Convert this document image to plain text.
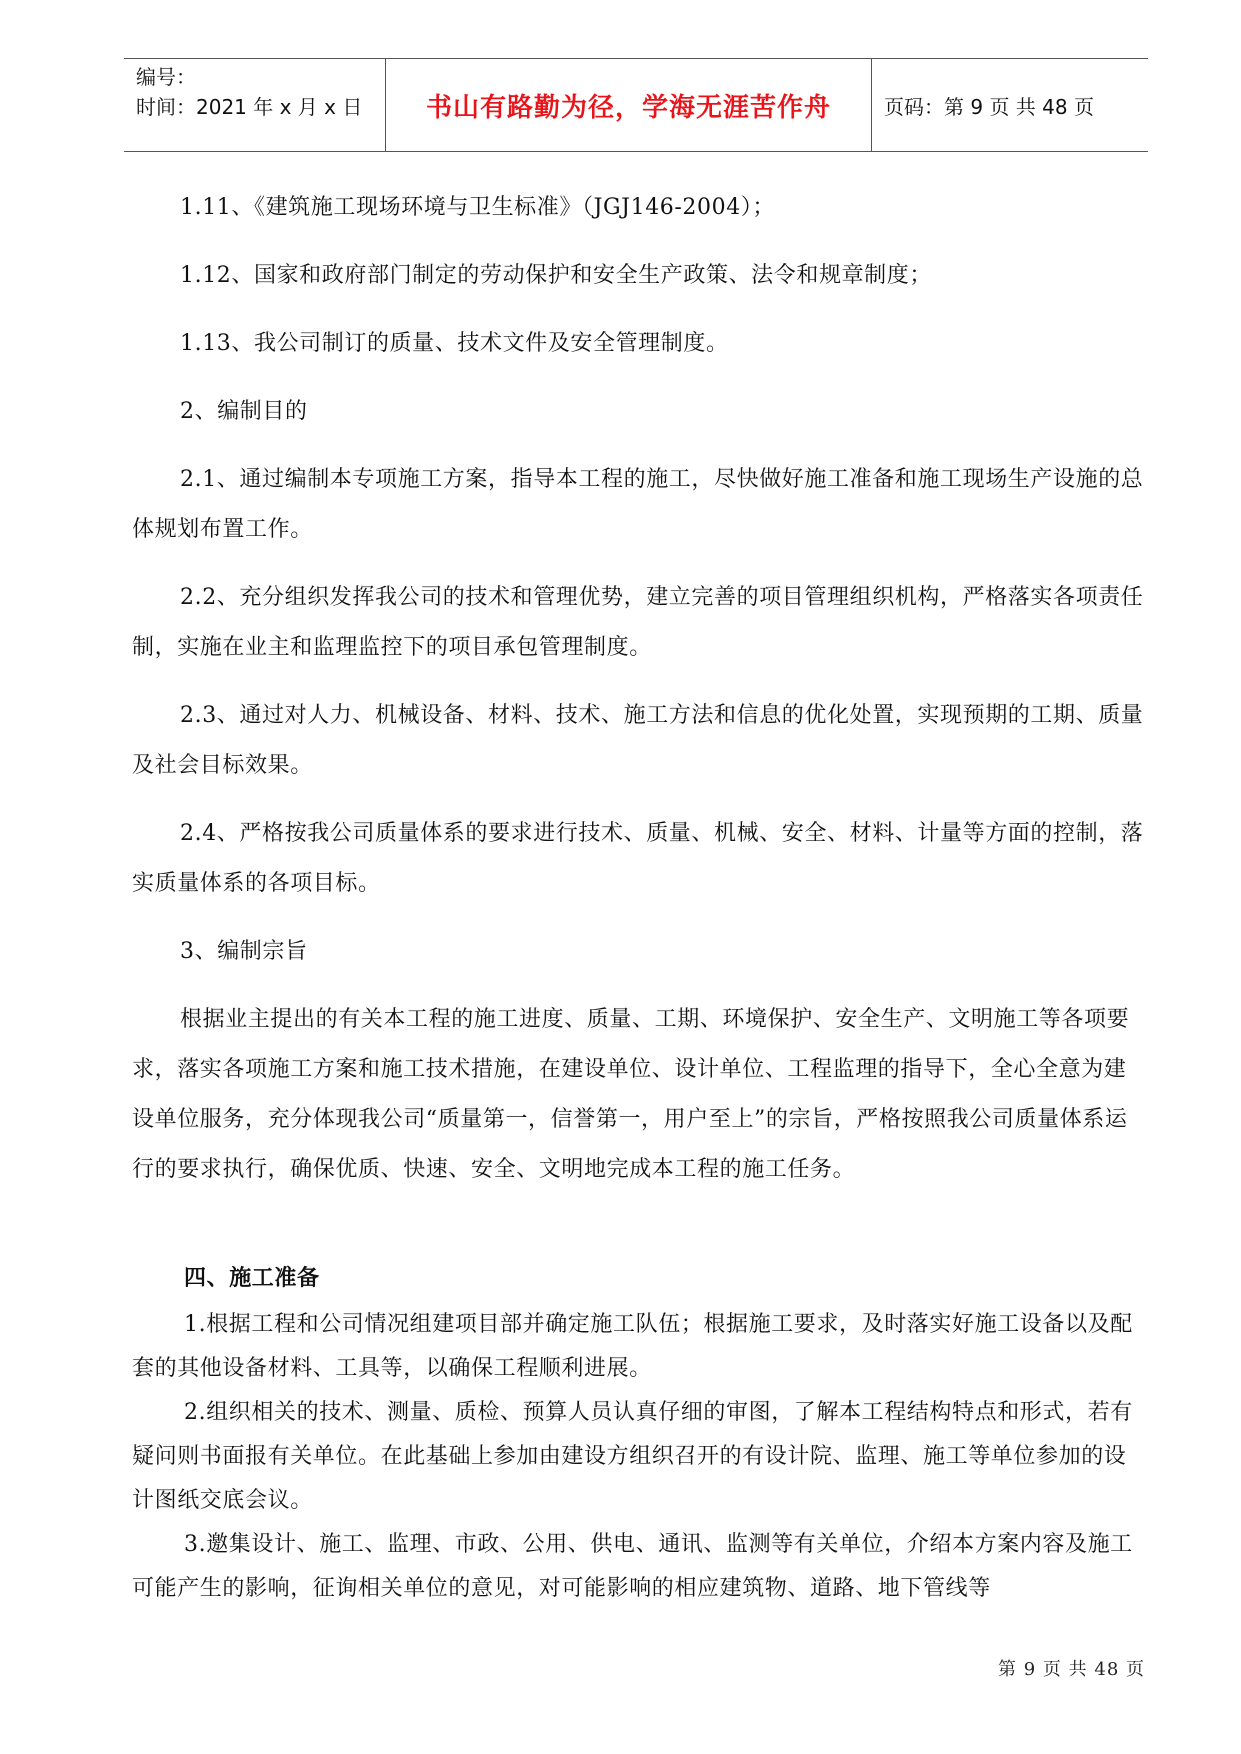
编号：
时间：2021 年 x 月 x 日	书山有路勤为径，学海无涯苦作舟	页码：第 9 页 共 48 页

1.11、《建筑施工现场环境与卫生标准》（JGJ146-2004）；

1.12、国家和政府部门制定的劳动保护和安全生产政策、法令和规章制度；

1.13、我公司制订的质量、技术文件及安全管理制度。

2、编制目的

2.1、通过编制本专项施工方案，指导本工程的施工，尽快做好施工准备和施工现场生产设施的总体规划布置工作。

2.2、充分组织发挥我公司的技术和管理优势，建立完善的项目管理组织机构，严格落实各项责任制，实施在业主和监理监控下的项目承包管理制度。

2.3、通过对人力、机械设备、材料、技术、施工方法和信息的优化处置，实现预期的工期、质量及社会目标效果。

2.4、严格按我公司质量体系的要求进行技术、质量、机械、安全、材料、计量等方面的控制，落实质量体系的各项目标。

3、编制宗旨

根据业主提出的有关本工程的施工进度、质量、工期、环境保护、安全生产、文明施工等各项要求，落实各项施工方案和施工技术措施，在建设单位、设计单位、工程监理的指导下，全心全意为建设单位服务，充分体现我公司“质量第一，信誉第一，用户至上”的宗旨，严格按照我公司质量体系运行的要求执行，确保优质、快速、安全、文明地完成本工程的施工任务。

四、施工准备

1.根据工程和公司情况组建项目部并确定施工队伍；根据施工要求，及时落实好施工设备以及配套的其他设备材料、工具等，以确保工程顺利进展。

2.组织相关的技术、测量、质检、预算人员认真仔细的审图，了解本工程结构特点和形式，若有疑问则书面报有关单位。在此基础上参加由建设方组织召开的有设计院、监理、施工等单位参加的设计图纸交底会议。

3.邀集设计、施工、监理、市政、公用、供电、通讯、监测等有关单位，介绍本方案内容及施工可能产生的影响，征询相关单位的意见，对可能影响的相应建筑物、道路、地下管线等

第 9 页 共 48 页
